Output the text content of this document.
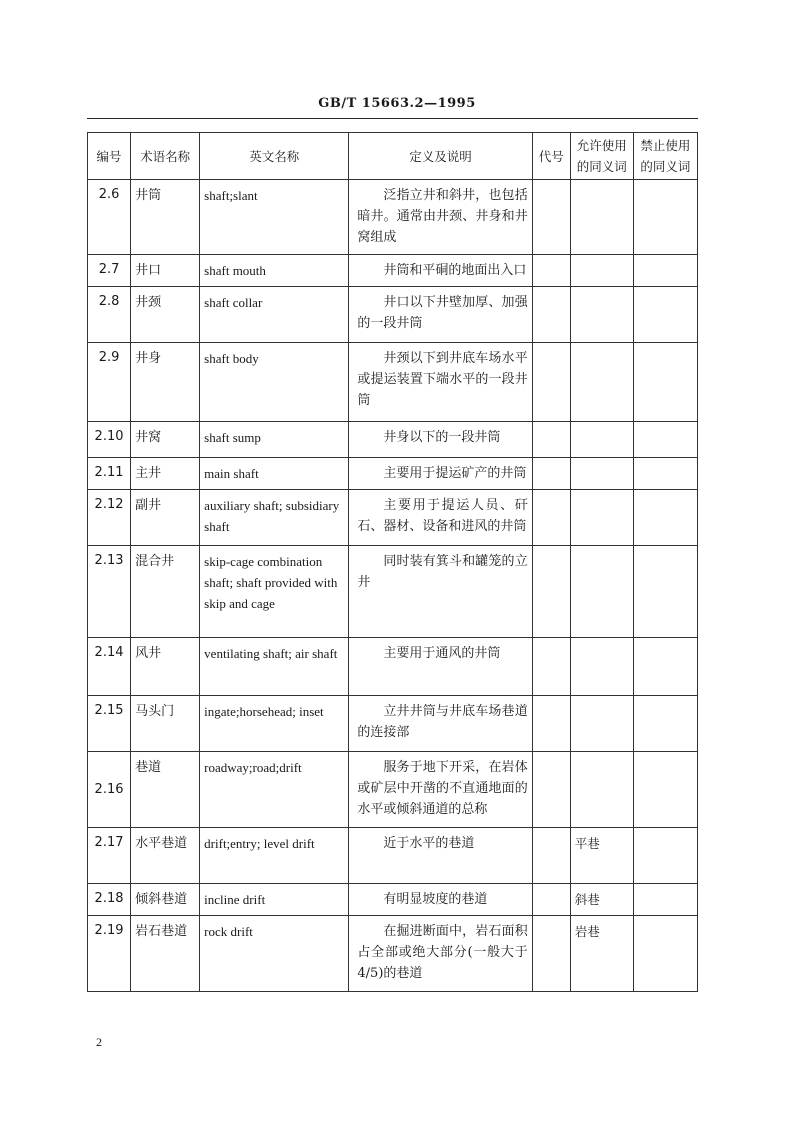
GB/T 15663.2—1995
编号	术语名称	英文名称	定义及说明	代号	允许使用的同义词	禁止使用的同义词
2.6	井筒	shaft;slant	泛指立井和斜井，也包括暗井。通常由井颈、井身和井窝组成			
2.7	井口	shaft mouth	井筒和平硐的地面出入口			
2.8	井颈	shaft collar	井口以下井壁加厚、加强的一段井筒			
2.9	井身	shaft body	井颈以下到井底车场水平或提运装置下端水平的一段井筒			
2.10	井窝	shaft sump	井身以下的一段井筒			
2.11	主井	main shaft	主要用于提运矿产的井筒			
2.12	副井	auxiliary shaft; subsidiary shaft	主要用于提运人员、矸石、器材、设备和进风的井筒			
2.13	混合井	skip-cage combination shaft; shaft provided with skip and cage	同时装有箕斗和罐笼的立井			
2.14	风井	ventilating shaft; air shaft	主要用于通风的井筒			
2.15	马头门	ingate;horsehead; inset	立井井筒与井底车场巷道的连接部			
2.16	巷道	roadway;road;drift	服务于地下开采，在岩体或矿层中开凿的不直通地面的水平或倾斜通道的总称			
2.17	水平巷道	drift;entry; level drift	近于水平的巷道		平巷	
2.18	倾斜巷道	incline drift	有明显坡度的巷道		斜巷	
2.19	岩石巷道	rock drift	在掘进断面中，岩石面积占全部或绝大部分(一般大于 4/5)的巷道		岩巷	
2
